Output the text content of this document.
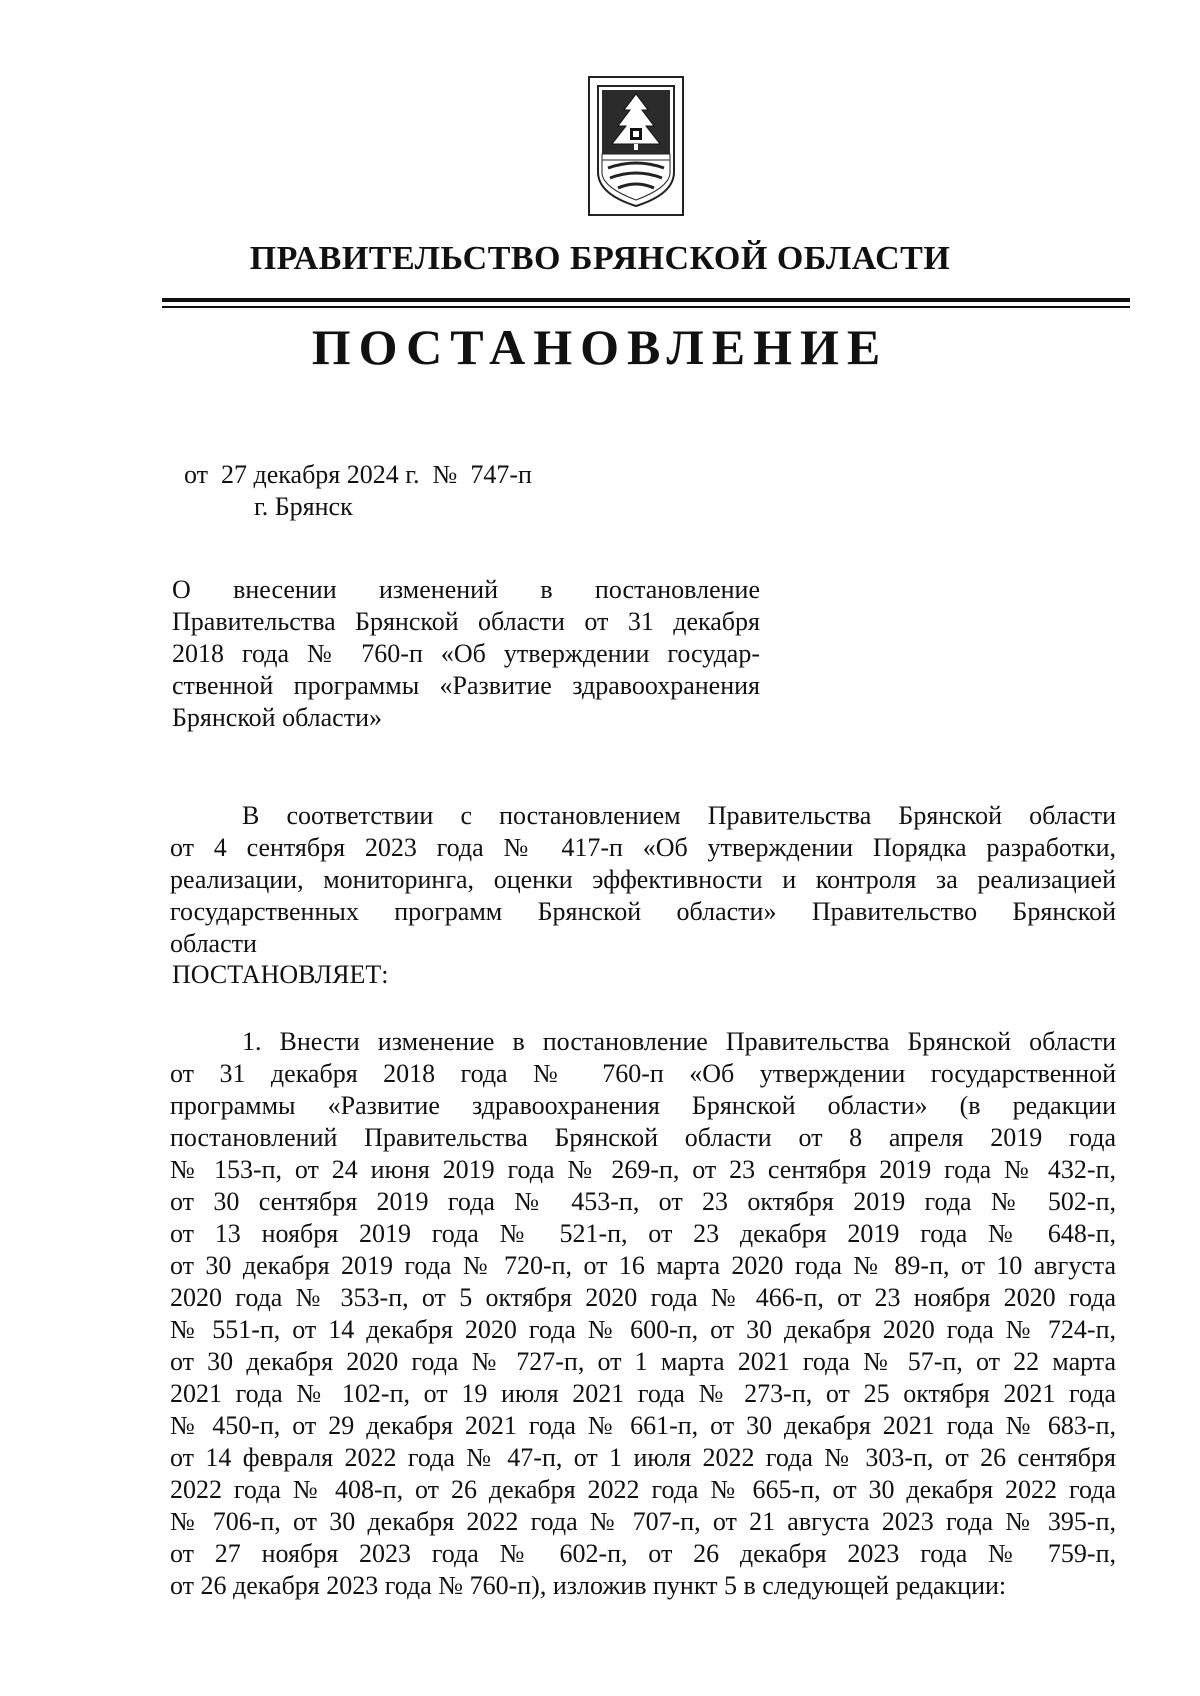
ПРАВИТЕЛЬСТВО БРЯНСКОЙ ОБЛАСТИ
ПОСТАНОВЛЕНИЕ
от 27 декабря 2024 г. № 747-п
г. Брянск
О внесении изменений в постановление
Правительства Брянской области от 31 декабря
2018 года № 760-п «Об утверждении государ-
ственной программы «Развитие здравоохранения
Брянской области»
В соответствии с постановлением Правительства Брянской области
от 4 сентября 2023 года № 417-п «Об утверждении Порядка разработки,
реализации, мониторинга, оценки эффективности и контроля за реализацией
государственных программ Брянской области» Правительство Брянской
области
ПОСТАНОВЛЯЕТ:
1. Внести изменение в постановление Правительства Брянской области
от 31 декабря 2018 года № 760-п «Об утверждении государственной
программы «Развитие здравоохранения Брянской области» (в редакции
постановлений Правительства Брянской области от 8 апреля 2019 года
№ 153-п, от 24 июня 2019 года № 269-п, от 23 сентября 2019 года № 432-п,
от 30 сентября 2019 года № 453-п, от 23 октября 2019 года № 502-п,
от 13 ноября 2019 года № 521-п, от 23 декабря 2019 года № 648-п,
от 30 декабря 2019 года № 720-п, от 16 марта 2020 года № 89-п, от 10 августа
2020 года № 353-п, от 5 октября 2020 года № 466-п, от 23 ноября 2020 года
№ 551-п, от 14 декабря 2020 года № 600-п, от 30 декабря 2020 года № 724-п,
от 30 декабря 2020 года № 727-п, от 1 марта 2021 года № 57-п, от 22 марта
2021 года № 102-п, от 19 июля 2021 года № 273-п, от 25 октября 2021 года
№ 450-п, от 29 декабря 2021 года № 661-п, от 30 декабря 2021 года № 683-п,
от 14 февраля 2022 года № 47-п, от 1 июля 2022 года № 303-п, от 26 сентября
2022 года № 408-п, от 26 декабря 2022 года № 665-п, от 30 декабря 2022 года
№ 706-п, от 30 декабря 2022 года № 707-п, от 21 августа 2023 года № 395-п,
от 27 ноября 2023 года № 602-п, от 26 декабря 2023 года № 759-п,
от 26 декабря 2023 года № 760-п), изложив пункт 5 в следующей редакции:
